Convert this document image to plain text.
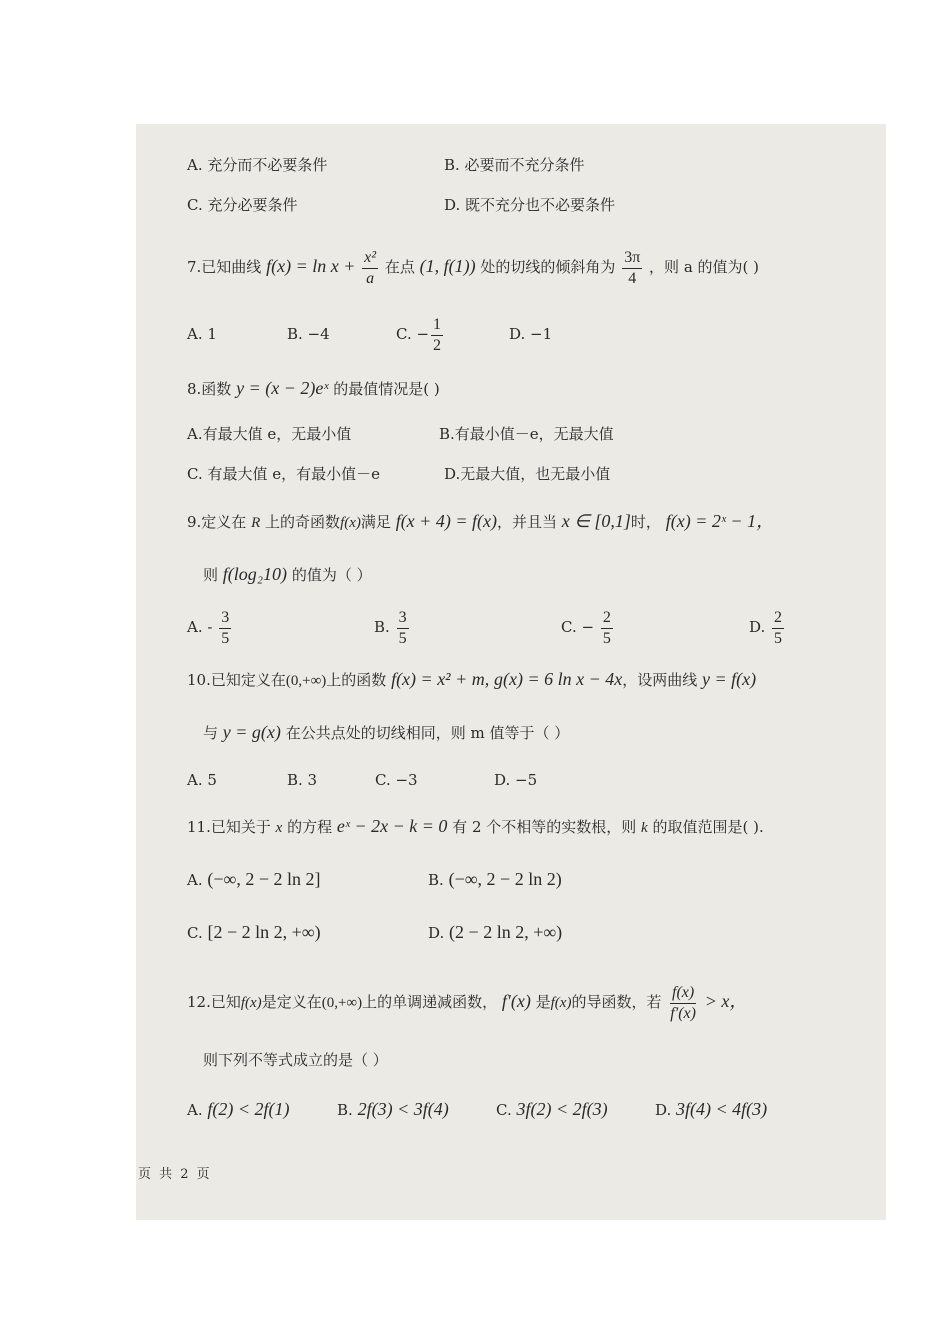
A. 充分而不必要条件	B. 必要而不充分条件
C. 充分必要条件	D. 既不充分也不必要条件
7.已知曲线 $f(x) = \ln x + \frac{\text{x²}}{a}$ 在点 (1, f(1)) 处的切线的倾斜角为 $\frac{3\pi}{4}$ ，则 a 的值为( )
A. 1	B. −4	C. − $\frac{1}{2}$	D. −1
8.函数 y = (x − 2)eˣ 的最值情况是( )
A.有最大值 e，无最小值	B.有最小值－e，无最大值
C. 有最大值 e，有最小值－e	D.无最大值，也无最小值
9.定义在 R 上的奇函数f(x)满足 f(x + 4) = f(x)，并且当 x ∈ [0,1]时， f(x) = 2ˣ − 1，
则 f(log₂10) 的值为（ ）
A. - $\frac{3}{5}$	B. $\frac{3}{5}$	C. − $\frac{2}{5}$	D. $\frac{2}{5}$
10.已知定义在(0,+∞)上的函数 f(x) = x² + m, g(x) = 6 ln x − 4x，设两曲线 y = f(x)
与 y = g(x) 在公共点处的切线相同，则 m 值等于（ ）
A. 5	B. 3	C. −3	D. −5
11.已知关于 x 的方程 eˣ − 2x − k = 0 有 2 个不相等的实数根，则 k 的取值范围是( ).
A. (−∞, 2 − 2 ln 2]	B. (−∞, 2 − 2 ln 2)
C. [2 − 2 ln 2, +∞)	D. (2 − 2 ln 2, +∞)
12.已知f(x)是定义在(0,+∞)上的单调递减函数， f′(x) 是f(x)的导函数，若 $\frac{f(x)}{f'(x)} > x$，
则下列不等式成立的是（ ）
A. f(2) < 2f(1)	B. 2f(3) < 3f(4)	C. 3f(2) < 2f(3)	D. 3f(4) < 4f(3)
页 共 2 页
